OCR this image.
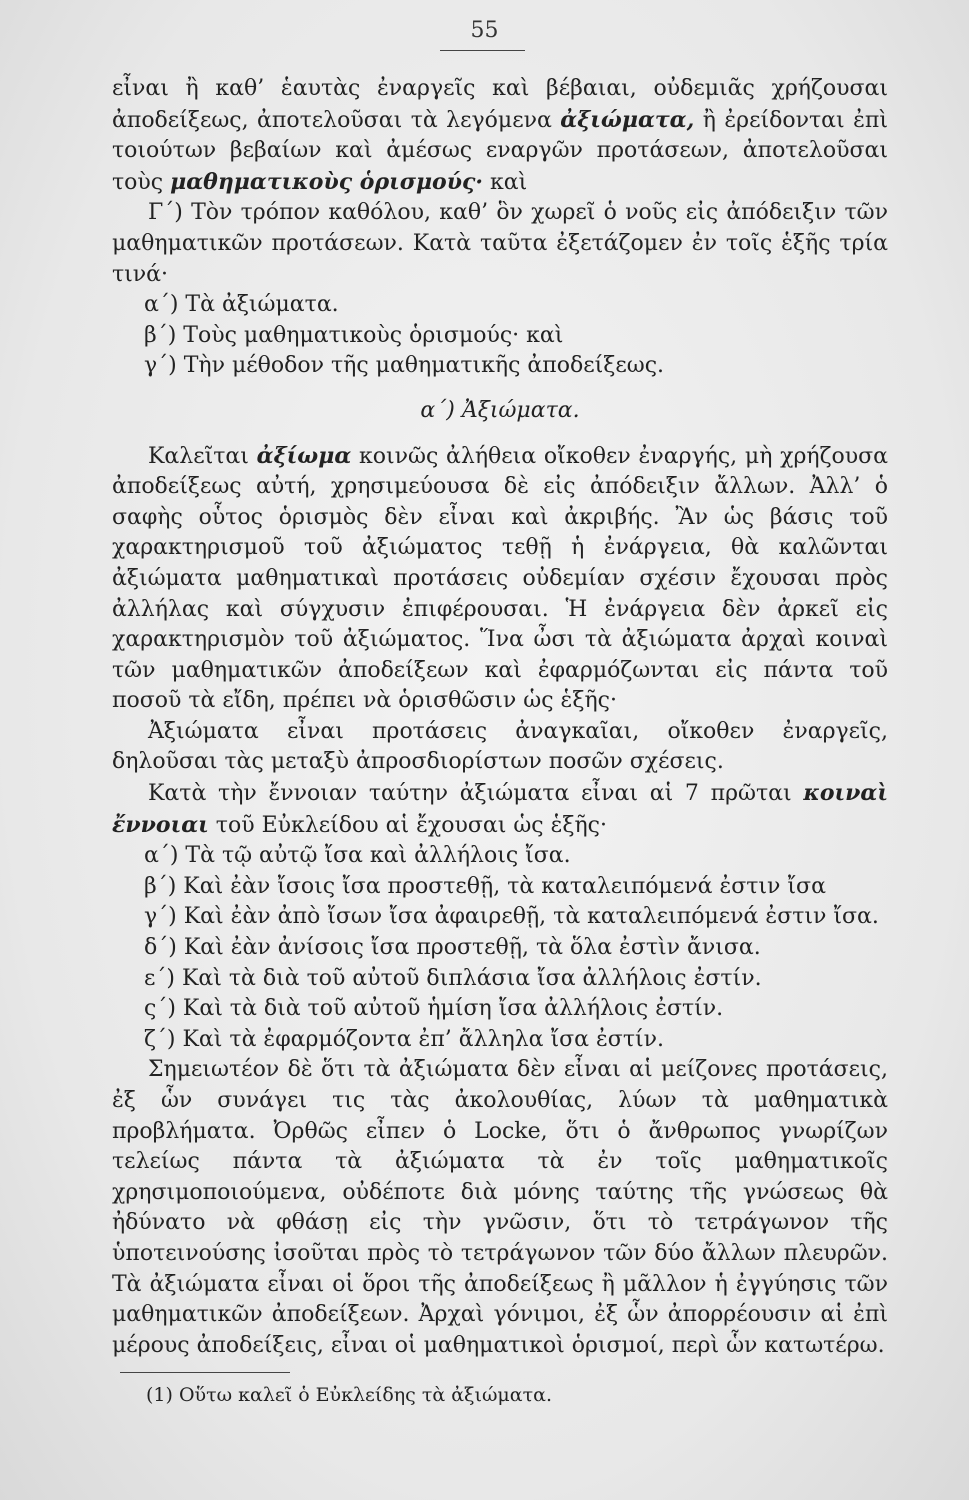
55

εἶναι ἢ καθ’ ἑαυτὰς ἐναργεῖς καὶ βέβαιαι, οὐδεμιᾶς χρήζουσαι ἀποδείξεως, ἀποτελοῦσαι τὰ λεγόμενα ἀξιώματα, ἢ ἐρείδονται ἐπὶ τοιούτων βεβαίων καὶ ἀμέσως εναργῶν προτάσεων, ἀποτελοῦσαι τοὺς μαθηματικοὺς ὁρισμούς· καὶ

Γ΄) Τὸν τρόπον καθόλου, καθ’ ὃν χωρεῖ ὁ νοῦς εἰς ἀπόδειξιν τῶν μαθηματικῶν προτάσεων. Κατὰ ταῦτα ἐξετάζομεν ἐν τοῖς ἑξῆς τρία τινά·

α΄) Τὰ ἀξιώματα.

β΄) Τοὺς μαθηματικοὺς ὁρισμούς· καὶ

γ΄) Τὴν μέθοδον τῆς μαθηματικῆς ἀποδείξεως.

α΄) Ἀξιώματα.

Καλεῖται ἀξίωμα κοινῶς ἀλήθεια οἴκοθεν ἐναργής, μὴ χρήζουσα ἀποδείξεως αὐτή, χρησιμεύουσα δὲ εἰς ἀπόδειξιν ἄλλων. Ἀλλ’ ὁ σαφὴς οὗτος ὁρισμὸς δὲν εἶναι καὶ ἀκριβής. Ἂν ὡς βάσις τοῦ χαρακτηρισμοῦ τοῦ ἀξιώματος τεθῇ ἡ ἐνάργεια, θὰ καλῶνται ἀξιώματα μαθηματικαὶ προτάσεις οὐδεμίαν σχέσιν ἔχουσαι πρὸς ἀλλήλας καὶ σύγχυσιν ἐπιφέρουσαι. Ἡ ἐνάργεια δὲν ἀρκεῖ εἰς χαρακτηρισμὸν τοῦ ἀξιώματος. Ἵνα ὦσι τὰ ἀξιώματα ἀρχαὶ κοιναὶ τῶν μαθηματικῶν ἀποδείξεων καὶ ἐφαρμόζωνται εἰς πάντα τοῦ ποσοῦ τὰ εἴδη, πρέπει νὰ ὁρισθῶσιν ὡς ἑξῆς·

Ἀξιώματα εἶναι προτάσεις ἀναγκαῖαι, οἴκοθεν ἐναργεῖς, δηλοῦσαι τὰς μεταξὺ ἀπροσδιορίστων ποσῶν σχέσεις.

Κατὰ τὴν ἔννοιαν ταύτην ἀξιώματα εἶναι αἱ 7 πρῶται κοιναὶ ἔννοιαι τοῦ Εὐκλείδου αἱ ἔχουσαι ὡς ἑξῆς·

α΄) Τὰ τῷ αὐτῷ ἴσα καὶ ἀλλήλοις ἴσα.

β΄) Καὶ ἐὰν ἴσοις ἴσα προστεθῇ, τὰ καταλειπόμενά ἐστιν ἴσα

γ΄) Καὶ ἐὰν ἀπὸ ἴσων ἴσα ἀφαιρεθῇ, τὰ καταλειπόμενά ἐστιν ἴσα.

δ΄) Καὶ ἐὰν ἀνίσοις ἴσα προστεθῇ, τὰ ὅλα ἐστὶν ἄνισα.

ε΄) Καὶ τὰ διὰ τοῦ αὐτοῦ διπλάσια ἴσα ἀλλήλοις ἐστίν.

ς΄) Καὶ τὰ διὰ τοῦ αὐτοῦ ἡμίση ἴσα ἀλλήλοις ἐστίν.

ζ΄) Καὶ τὰ ἐφαρμόζοντα ἐπ’ ἄλληλα ἴσα ἐστίν.

Σημειωτέον δὲ ὅτι τὰ ἀξιώματα δὲν εἶναι αἱ μείζονες προτάσεις, ἐξ ὧν συνάγει τις τὰς ἀκολουθίας, λύων τὰ μαθηματικὰ προβλήματα. Ὀρθῶς εἶπεν ὁ Locke, ὅτι ὁ ἄνθρωπος γνωρίζων τελείως πάντα τὰ ἀξιώματα τὰ ἐν τοῖς μαθηματικοῖς χρησιμοποιούμενα, οὐδέποτε διὰ μόνης ταύτης τῆς γνώσεως θὰ ἠδύνατο νὰ φθάσῃ εἰς τὴν γνῶσιν, ὅτι τὸ τετράγωνον τῆς ὑποτεινούσης ἰσοῦται πρὸς τὸ τετράγωνον τῶν δύο ἄλλων πλευρῶν. Τὰ ἀξιώματα εἶναι οἱ ὅροι τῆς ἀποδείξεως ἢ μᾶλλον ἡ ἐγγύησις τῶν μαθηματικῶν ἀποδείξεων. Ἀρχαὶ γόνιμοι, ἐξ ὧν ἀπορρέουσιν αἱ ἐπὶ μέρους ἀποδείξεις, εἶναι οἱ μαθηματικοὶ ὁρισμοί, περὶ ὧν κατωτέρω.

(1) Οὕτω καλεῖ ὁ Εὐκλείδης τὰ ἀξιώματα.
